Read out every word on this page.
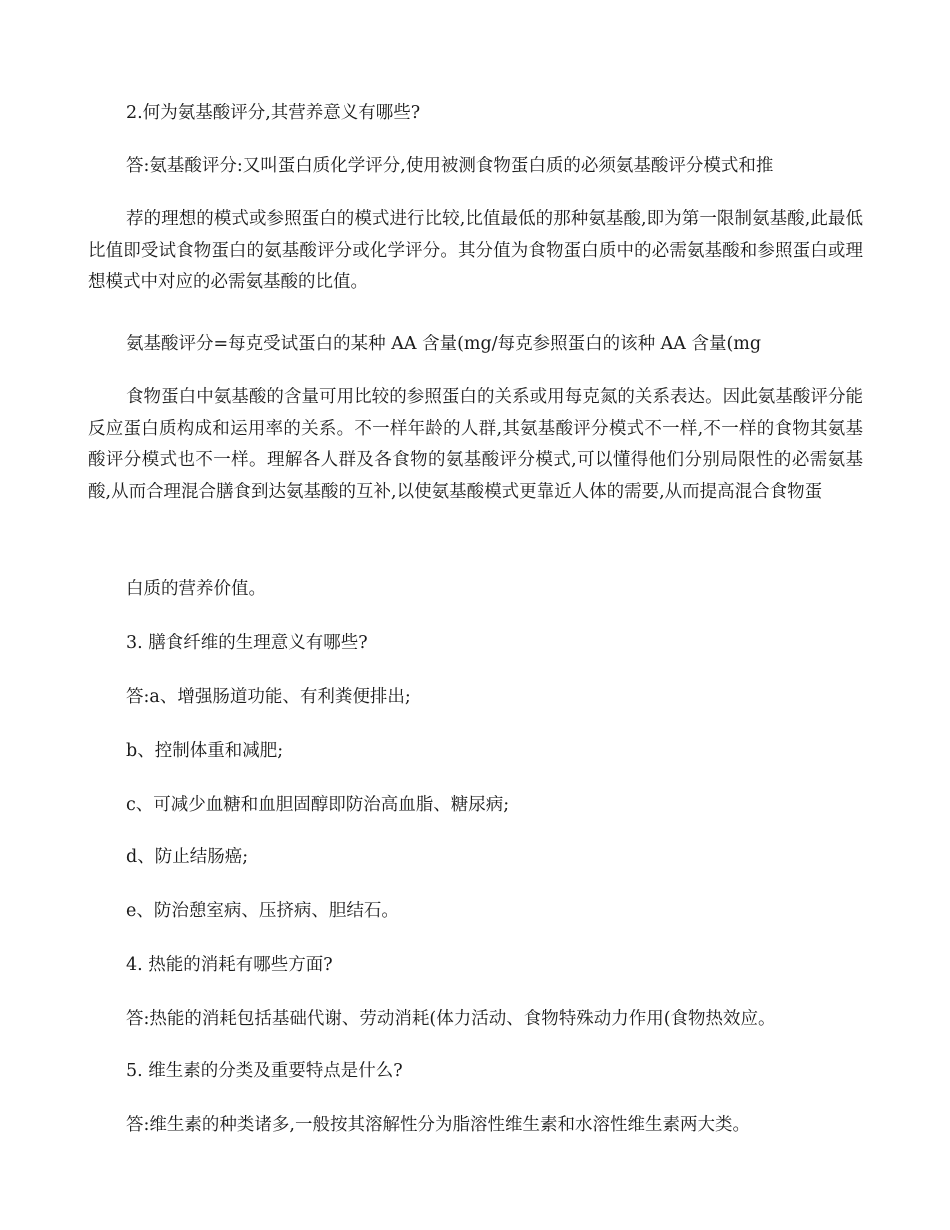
2.何为氨基酸评分,其营养意义有哪些?
答:氨基酸评分:又叫蛋白质化学评分,使用被测食物蛋白质的必须氨基酸评分模式和推
荐的理想的模式或参照蛋白的模式进行比较,比值最低的那种氨基酸,即为第一限制氨基酸,此最低比值即受试食物蛋白的氨基酸评分或化学评分。其分值为食物蛋白质中的必需氨基酸和参照蛋白或理想模式中对应的必需氨基酸的比值。
氨基酸评分=每克受试蛋白的某种 AA 含量(mg/每克参照蛋白的该种 AA 含量(mg
食物蛋白中氨基酸的含量可用比较的参照蛋白的关系或用每克氮的关系表达。因此氨基酸评分能反应蛋白质构成和运用率的关系。不一样年龄的人群,其氨基酸评分模式不一样,不一样的食物其氨基酸评分模式也不一样。理解各人群及各食物的氨基酸评分模式,可以懂得他们分别局限性的必需氨基酸,从而合理混合膳食到达氨基酸的互补,以使氨基酸模式更靠近人体的需要,从而提高混合食物蛋
白质的营养价值。
3. 膳食纤维的生理意义有哪些?
答:a、增强肠道功能、有利粪便排出;
b、控制体重和减肥;
c、可减少血糖和血胆固醇即防治高血脂、糖尿病;
d、防止结肠癌;
e、防治憩室病、压挤病、胆结石。
4. 热能的消耗有哪些方面?
答:热能的消耗包括基础代谢、劳动消耗(体力活动、食物特殊动力作用(食物热效应。
5. 维生素的分类及重要特点是什么?
答:维生素的种类诸多,一般按其溶解性分为脂溶性维生素和水溶性维生素两大类。
